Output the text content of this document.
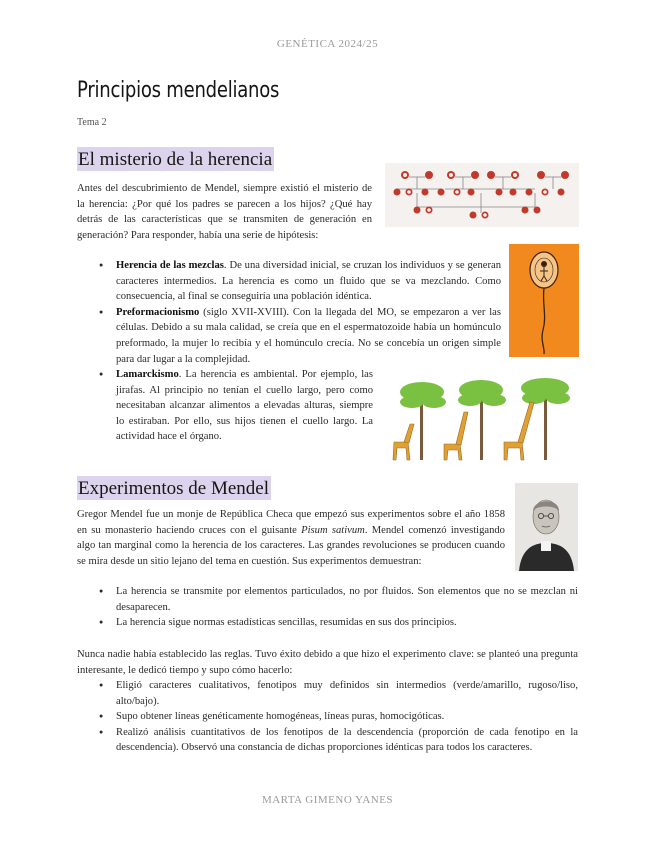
GENÉTICA 2024/25
Principios mendelianos
Tema 2
El misterio de la herencia
Antes del descubrimiento de Mendel, siempre existió el misterio de la herencia: ¿Por qué los padres se parecen a los hijos? ¿Qué hay detrás de las características que se transmiten de generación en generación? Para responder, había una serie de hipótesis:
● Herencia de las mezclas. De una diversidad inicial, se cruzan los individuos y se generan caracteres intermedios. La herencia es como un fluido que se va mezclando. Como consecuencia, al final se conseguiría una población idéntica.
● Preformacionismo (siglo XVII-XVIII). Con la llegada del MO, se empezaron a ver las células. Debido a su mala calidad, se creía que en el espermatozoide había un homúnculo preformado, la mujer lo recibía y el homúnculo crecía. No se concebía un origen simple para dar lugar a la complejidad.
● Lamarckismo. La herencia es ambiental. Por ejemplo, las jirafas. Al principio no tenían el cuello largo, pero como necesitaban alcanzar alimentos a elevadas alturas, siempre lo estiraban. Por ello, sus hijos tienen el cuello largo. La actividad hace el órgano.
Experimentos de Mendel
Gregor Mendel fue un monje de República Checa que empezó sus experimentos sobre el año 1858 en su monasterio haciendo cruces con el guisante Pisum sativum. Mendel comenzó investigando algo tan marginal como la herencia de los caracteres. Las grandes revoluciones se producen cuando se mira desde un sitio lejano del tema en cuestión. Sus experimentos demuestran:
● La herencia se transmite por elementos particulados, no por fluidos. Son elementos que no se mezclan ni desaparecen.
● La herencia sigue normas estadísticas sencillas, resumidas en sus dos principios.
Nunca nadie había establecido las reglas. Tuvo éxito debido a que hizo el experimento clave: se planteó una pregunta interesante, le dedicó tiempo y supo cómo hacerlo:
● Eligió caracteres cualitativos, fenotipos muy definidos sin intermedios (verde/amarillo, rugoso/liso, alto/bajo).
● Supo obtener líneas genéticamente homogéneas, líneas puras, homocigóticas.
● Realizó análisis cuantitativos de los fenotipos de la descendencia (proporción de cada fenotipo en la descendencia). Observó una constancia de dichas proporciones idénticas para todos los caracteres.
MARTA GIMENO YANES
